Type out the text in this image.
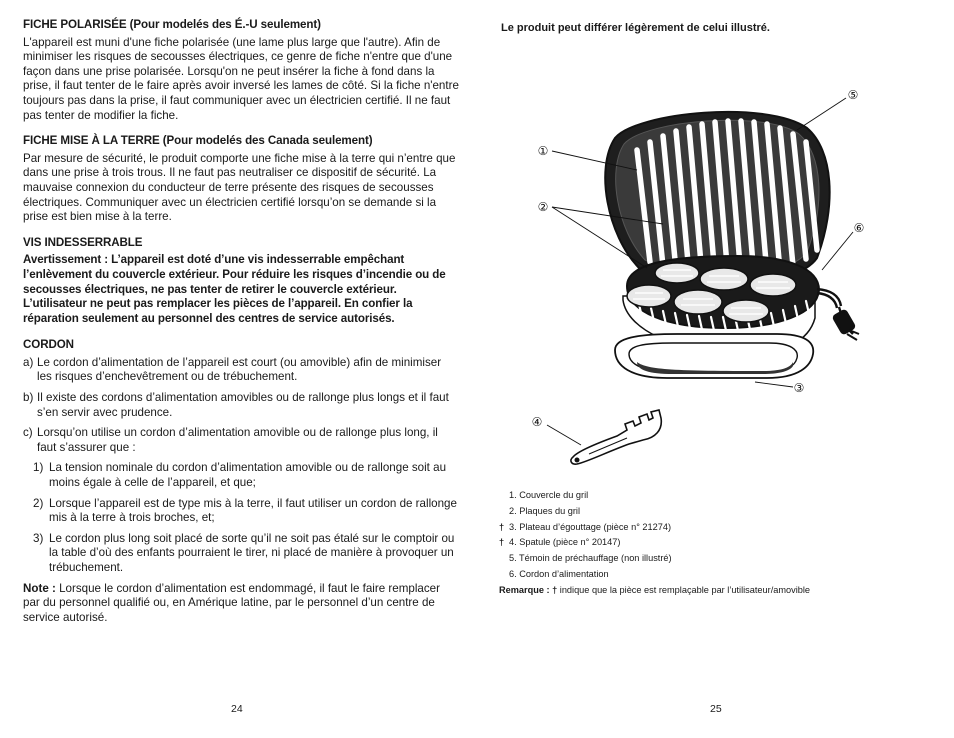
FICHE POLARISÉE (Pour modelés des É.-U seulement)
L'appareil est muni d'une fiche polarisée (une lame plus large que l'autre). Afin de minimiser les risques de secousses électriques, ce genre de fiche n'entre que d'une façon dans une prise polarisée. Lorsqu'on ne peut insérer la fiche à fond dans la prise, il faut tenter de le faire après avoir inversé les lames de côté. Si la fiche n'entre toujours pas dans la prise, il faut communiquer avec un électricien certifié. Il ne faut pas tenter de modifier la fiche.
FICHE MISE À LA TERRE (Pour modelés des Canada seulement)
Par mesure de sécurité, le produit comporte une fiche mise à la terre qui n’entre que dans une prise à trois trous. Il ne faut pas neutraliser ce dispositif de sécurité. La mauvaise connexion du conducteur de terre présente des risques de secousses électriques. Communiquer avec un électricien certifié lorsqu’on se demande si la prise est bien mise à la terre.
VIS INDESSERRABLE
Avertissement : L’appareil est doté d’une vis indesserrable empêchant l’enlèvement du couvercle extérieur. Pour réduire les risques d’incendie ou de secousses électriques, ne pas tenter de retirer le couvercle extérieur. L’utilisateur ne peut pas remplacer les pièces de l’appareil. En confier la réparation seulement au personnel des centres de service autorisés.
CORDON
a) Le cordon d’alimentation de l’appareil est court (ou amovible) afin de minimiser les risques d’enchevêtrement ou de trébuchement.
b) Il existe des cordons d’alimentation amovibles ou de rallonge plus longs et il faut s’en servir avec prudence.
c) Lorsqu’on utilise un cordon d’alimentation amovible ou de rallonge plus long, il faut s’assurer que :
1) La tension nominale du cordon d’alimentation amovible ou de rallonge soit au moins égale à celle de l’appareil, et que;
2) Lorsque l’appareil est de type mis à la terre, il faut utiliser un cordon de rallonge mis à la terre à trois broches, et;
3) Le cordon plus long soit placé de sorte qu’il ne soit pas étalé sur le comptoir ou la table d’où des enfants pourraient le tirer, ni placé de manière à provoquer un trébuchement.
Note : Lorsque le cordon d’alimentation est endommagé, il faut le faire remplacer par du personnel qualifié ou, en Amérique latine, par le personnel d’un centre de service autorisé.
24
Le produit peut différer légèrement de celui illustré.
①
②
③
④
⑤
⑥
1. Couvercle du gril
2. Plaques du gril
† 3. Plateau d’égouttage (pièce n° 21274)
† 4. Spatule (pièce n° 20147)
5. Témoin de préchauffage (non illustré)
6. Cordon d’alimentation
Remarque : † indique que la pièce est remplaçable par l’utilisateur/amovible
25
